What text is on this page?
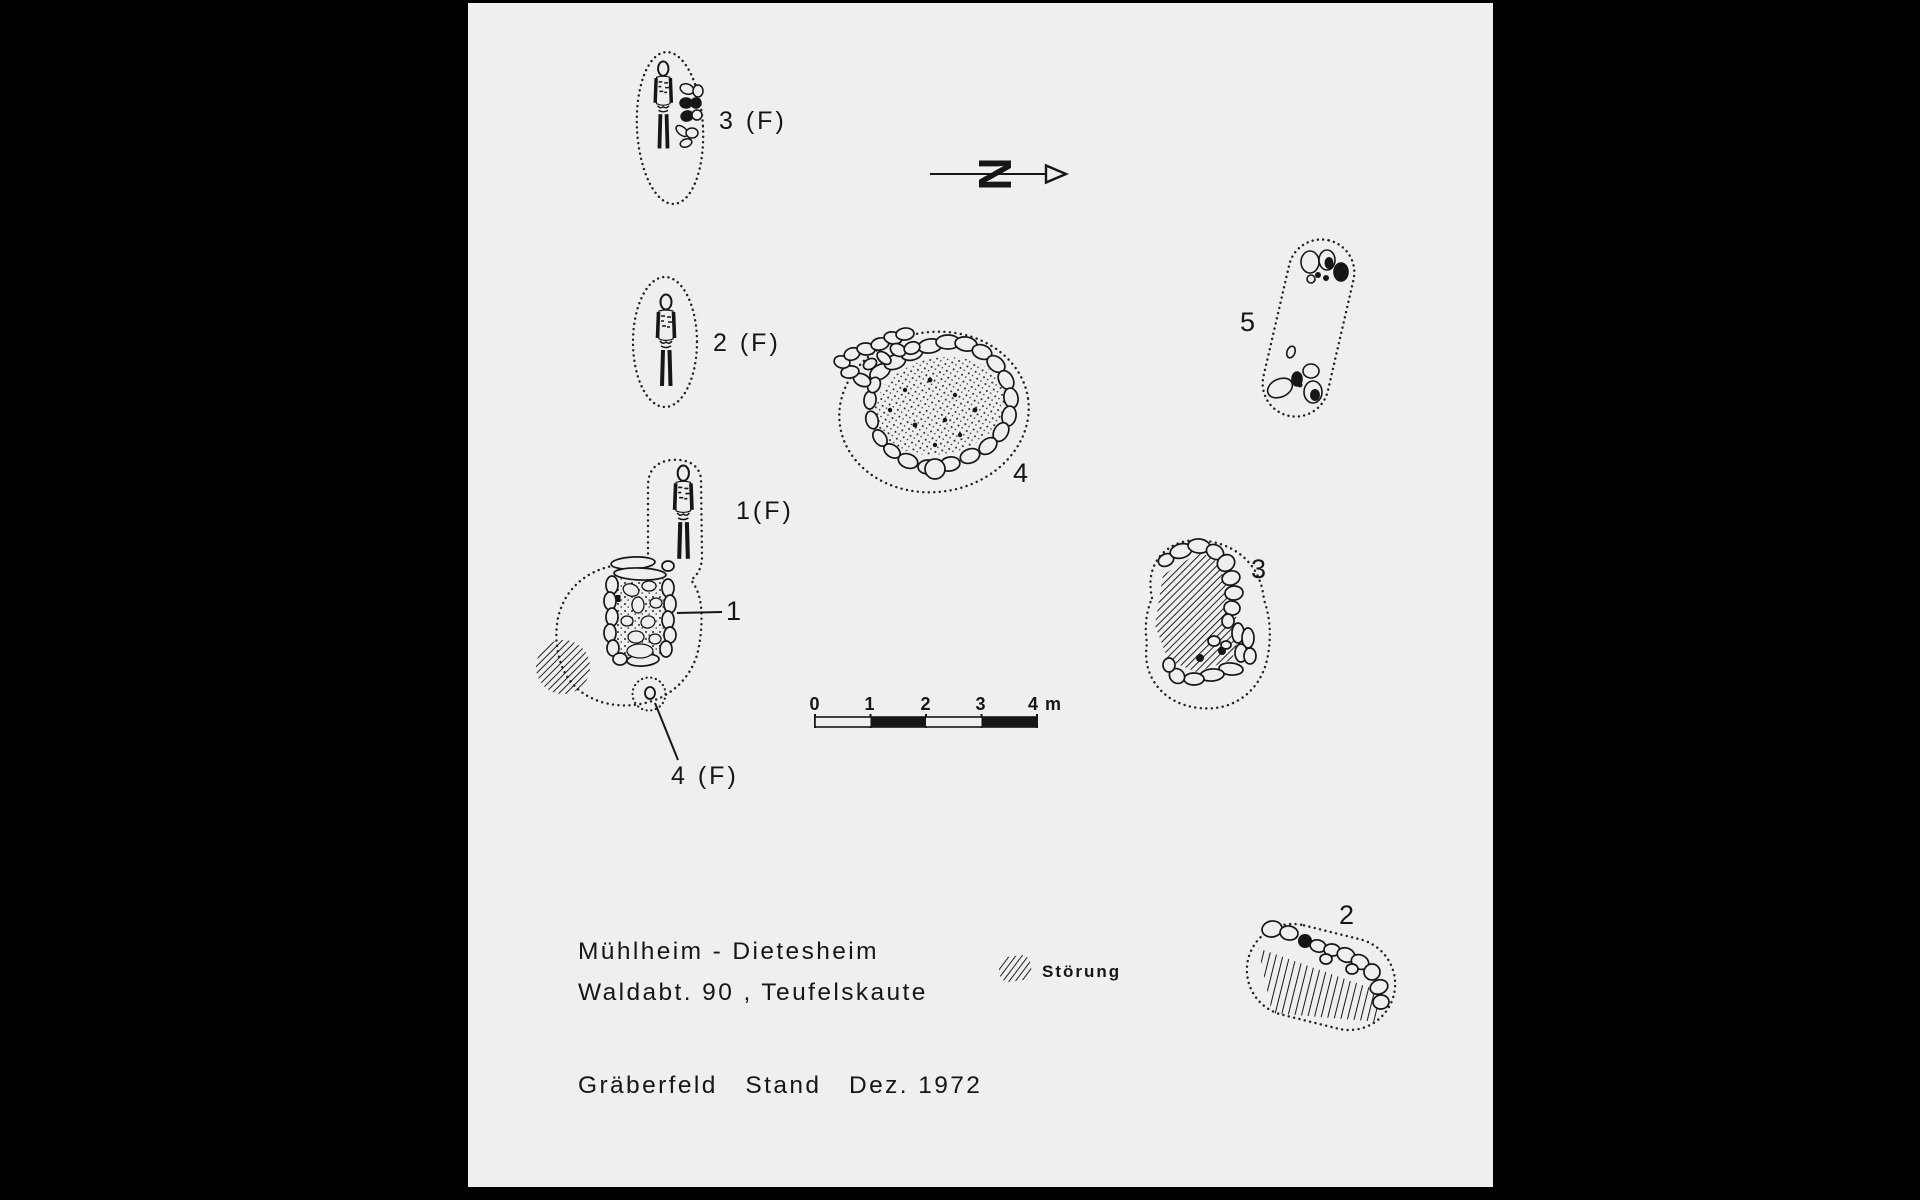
3 (F)
N
2 (F)
4
5
1(F)
1
4 (F)
3
0 1 2 3 4 m
2
Störung
Mühlheim - Dietesheim
Waldabt. 90 , Teufelskaute
Gräberfeld   Stand   Dez. 1972
